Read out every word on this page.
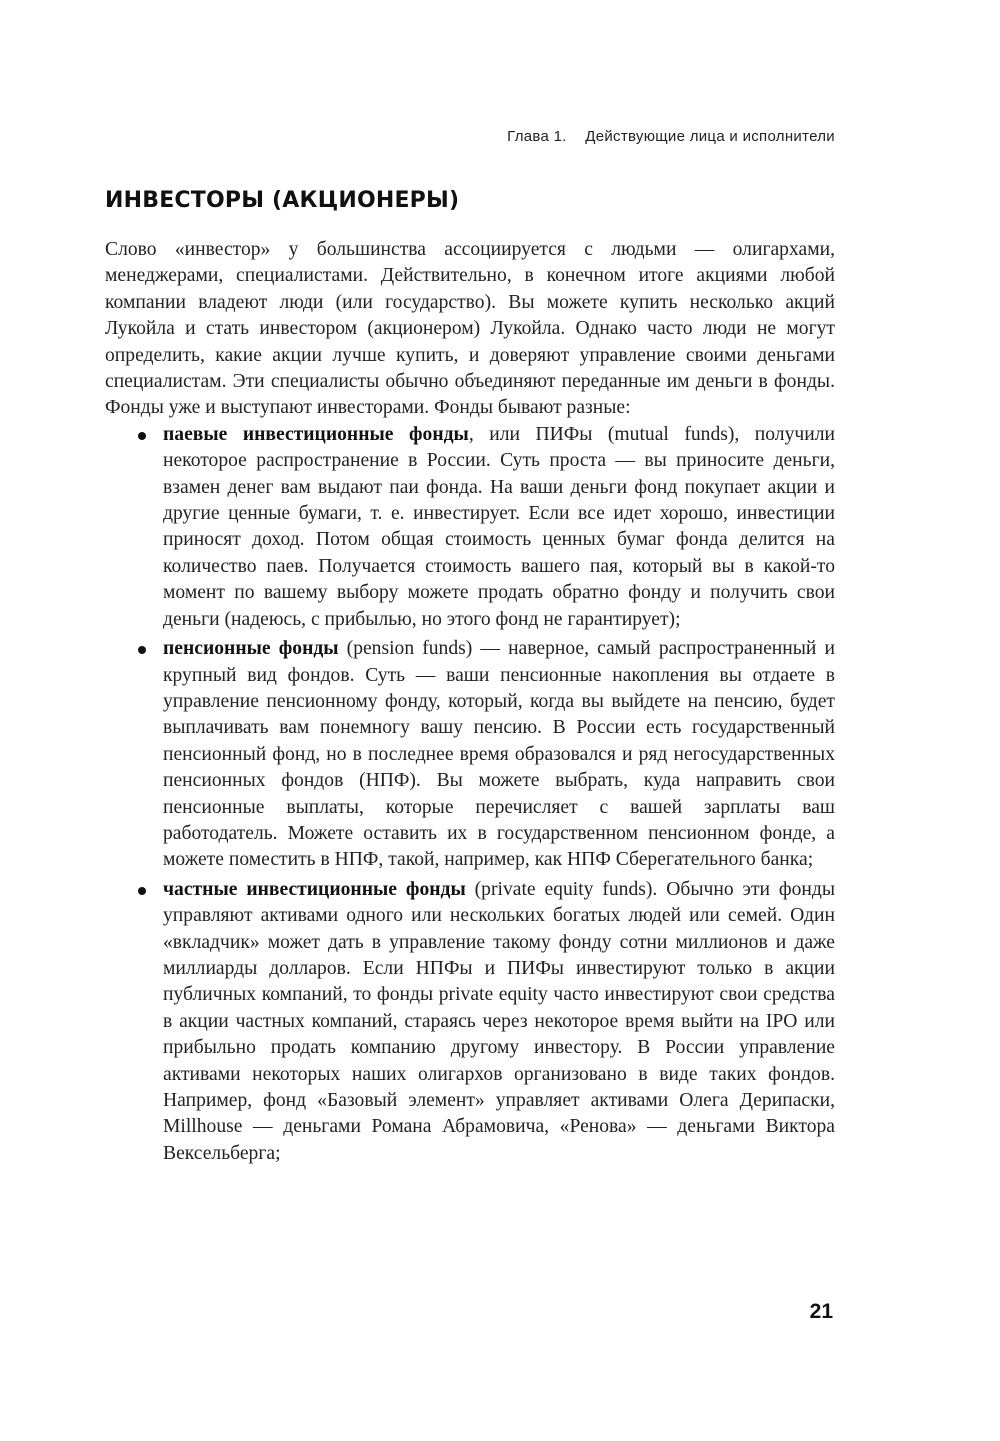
Глава 1. Действующие лица и исполнители
ИНВЕСТОРЫ (АКЦИОНЕРЫ)

Слово «инвестор» у большинства ассоциируется с людьми — олигархами, менеджерами, специалистами. Действительно, в конечном итоге акциями любой компании владеют люди (или государство). Вы можете купить несколько акций Лукойла и стать инвестором (акционером) Лукойла. Однако часто люди не могут определить, какие акции лучше купить, и доверяют управление своими деньгами специалистам. Эти специалисты обычно объединяют переданные им деньги в фонды. Фонды уже и выступают инвесторами. Фонды бывают разные:

паевые инвестиционные фонды, или ПИФы (mutual funds), получили некоторое распространение в России. Суть проста — вы приносите деньги, взамен денег вам выдают паи фонда. На ваши деньги фонд покупает акции и другие ценные бумаги, т. е. инвестирует. Если все идет хорошо, инвестиции приносят доход. Потом общая стоимость ценных бумаг фонда делится на количество паев. Получается стоимость вашего пая, который вы в какой-то момент по вашему выбору можете продать обратно фонду и получить свои деньги (надеюсь, с прибылью, но этого фонд не гарантирует);
пенсионные фонды (pension funds) — наверное, самый распространенный и крупный вид фондов. Суть — ваши пенсионные накопления вы отдаете в управление пенсионному фонду, который, когда вы выйдете на пенсию, будет выплачивать вам понемногу вашу пенсию. В России есть государственный пенсионный фонд, но в последнее время образовался и ряд негосударственных пенсионных фондов (НПФ). Вы можете выбрать, куда направить свои пенсионные выплаты, которые перечисляет с вашей зарплаты ваш работодатель. Можете оставить их в государственном пенсионном фонде, а можете поместить в НПФ, такой, например, как НПФ Сберегательного банка;
частные инвестиционные фонды (private equity funds). Обычно эти фонды управляют активами одного или нескольких богатых людей или семей. Один «вкладчик» может дать в управление такому фонду сотни миллионов и даже миллиарды долларов. Если НПФы и ПИФы инвестируют только в акции публичных компаний, то фонды private equity часто инвестируют свои средства в акции частных компаний, стараясь через некоторое время выйти на IPO или прибыльно продать компанию другому инвестору. В России управление активами некоторых наших олигархов организовано в виде таких фондов. Например, фонд «Базовый элемент» управляет активами Олега Дерипаски, Millhouse — деньгами Романа Абрамовича, «Ренова» — деньгами Виктора Вексельберга;
21
